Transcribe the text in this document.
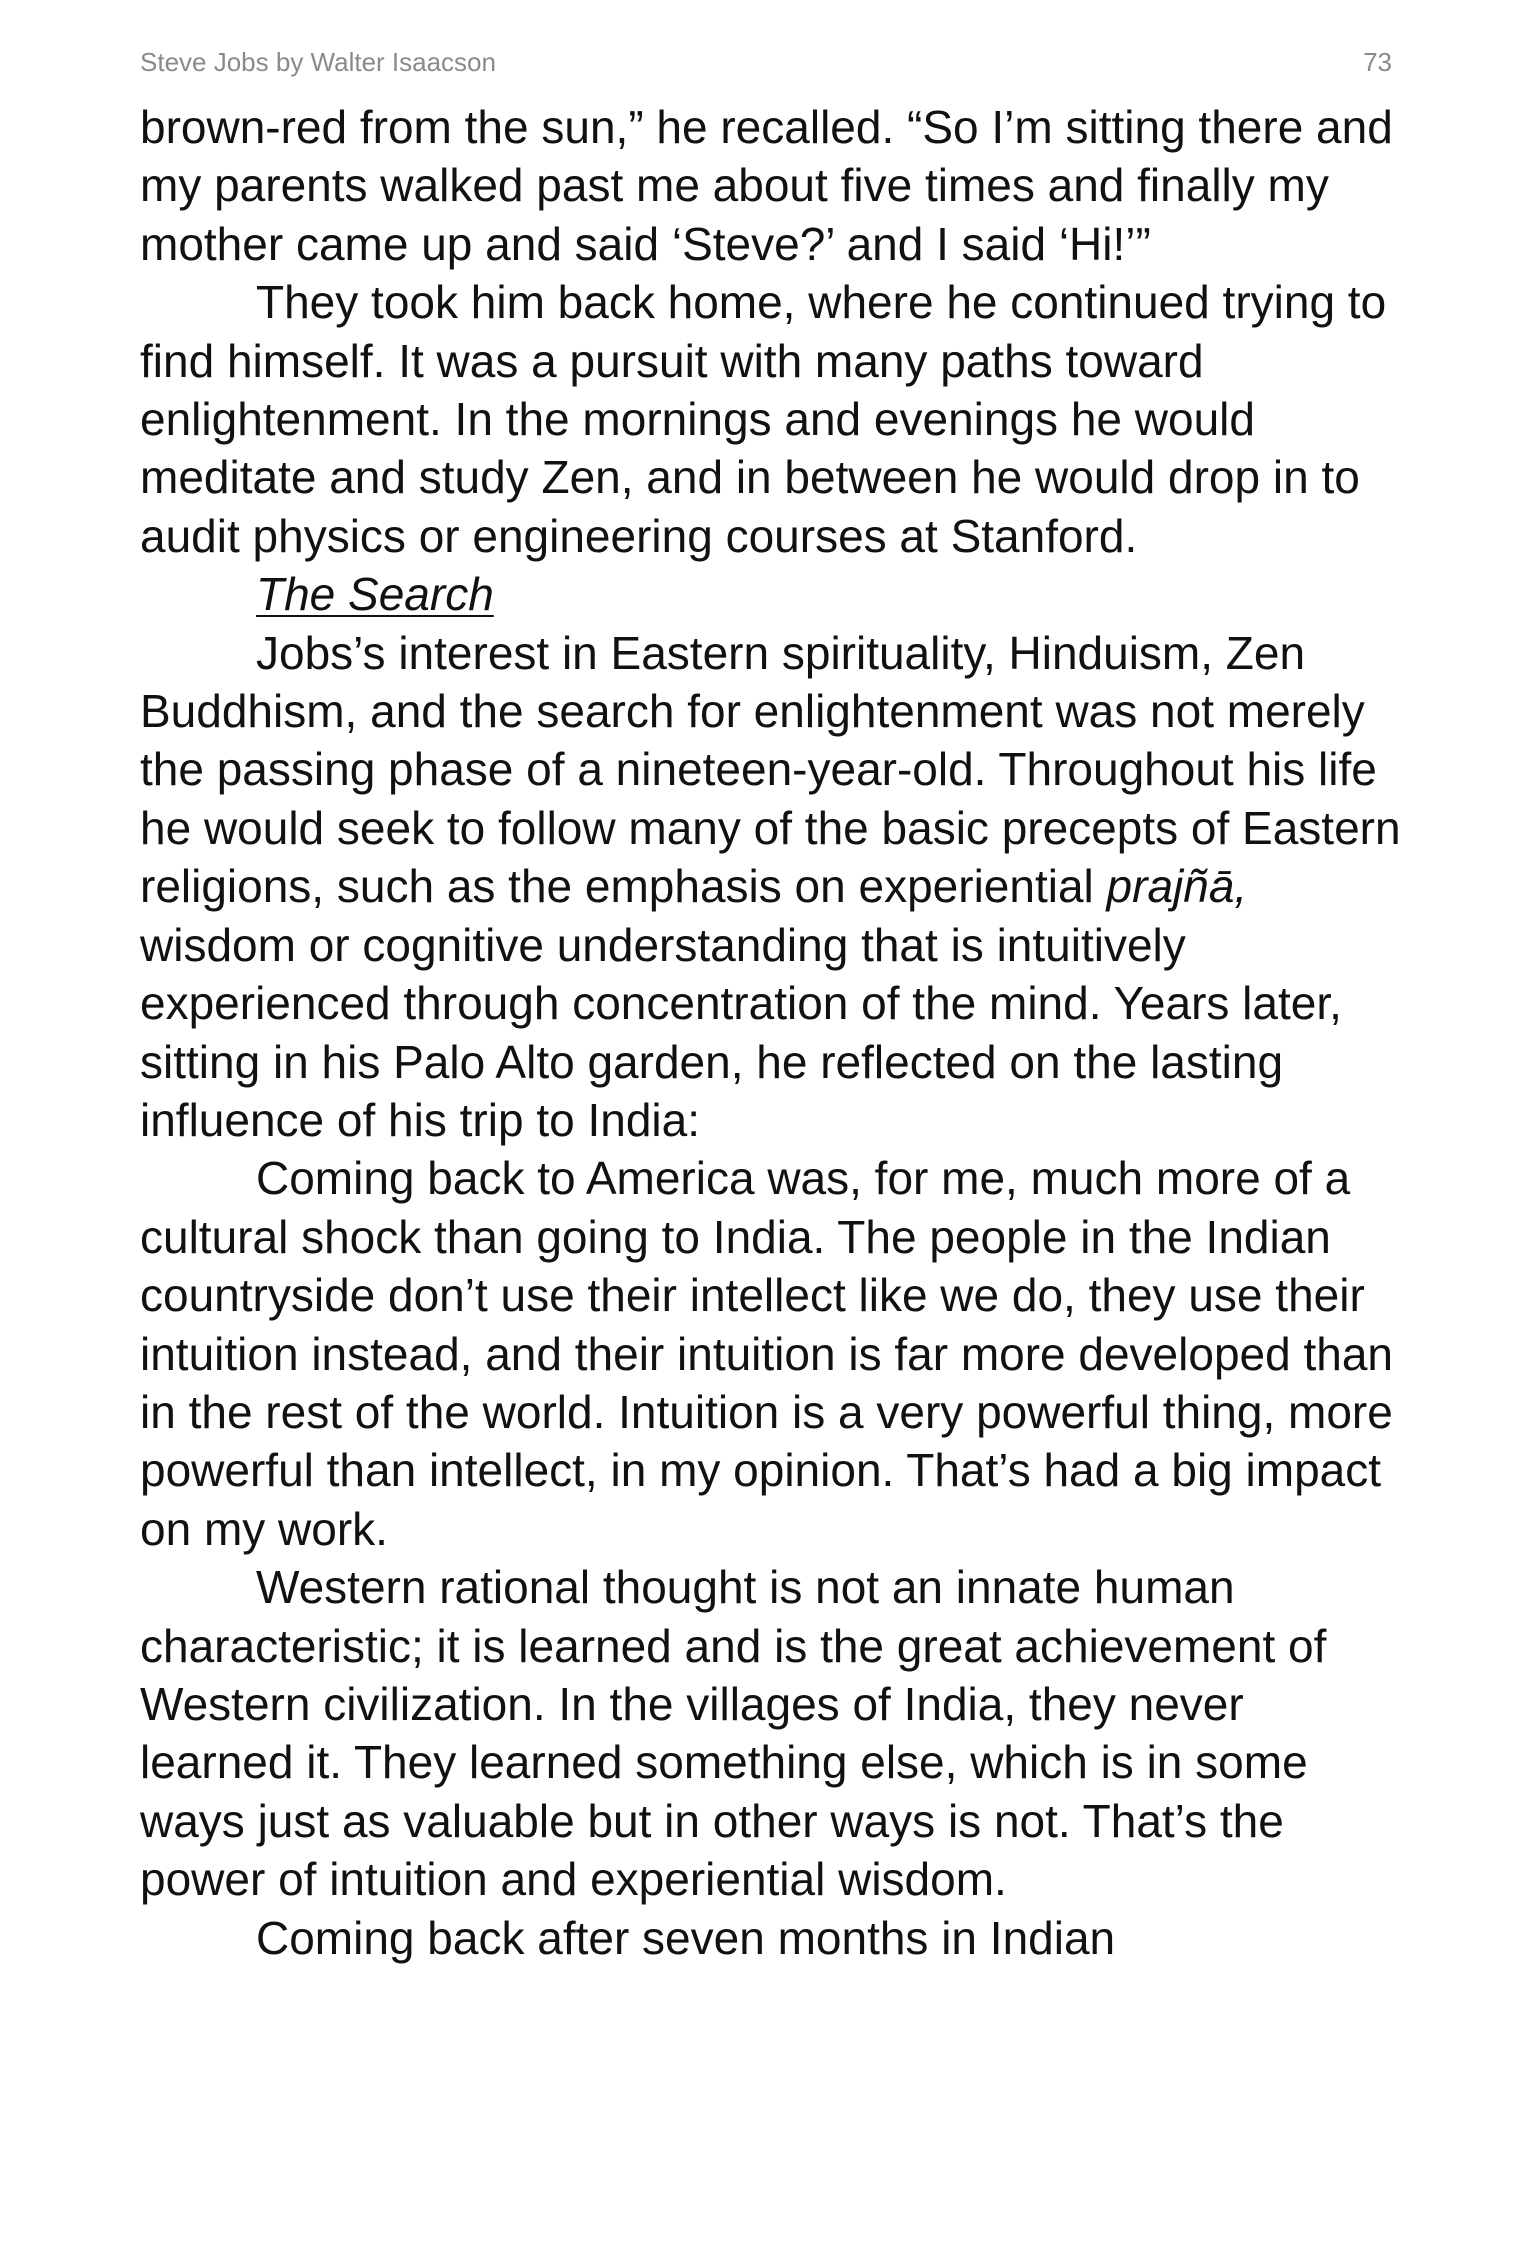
Steve Jobs by Walter Isaacson	73

brown-red from the sun,” he recalled. “So I’m sitting there and my parents walked past me about five times and finally my mother came up and said ‘Steve?’ and I said ‘Hi!’”

They took him back home, where he continued trying to find himself. It was a pursuit with many paths toward enlightenment. In the mornings and evenings he would meditate and study Zen, and in between he would drop in to audit physics or engineering courses at Stanford.

The Search

Jobs’s interest in Eastern spirituality, Hinduism, Zen Buddhism, and the search for enlightenment was not merely the passing phase of a nineteen-year-old. Throughout his life he would seek to follow many of the basic precepts of Eastern religions, such as the emphasis on experiential prajñā, wisdom or cognitive understanding that is intuitively experienced through concentration of the mind. Years later, sitting in his Palo Alto garden, he reflected on the lasting influence of his trip to India:

Coming back to America was, for me, much more of a cultural shock than going to India. The people in the Indian countryside don’t use their intellect like we do, they use their intuition instead, and their intuition is far more developed than in the rest of the world. Intuition is a very powerful thing, more powerful than intellect, in my opinion. That’s had a big impact on my work.

Western rational thought is not an innate human characteristic; it is learned and is the great achievement of Western civilization. In the villages of India, they never learned it. They learned something else, which is in some ways just as valuable but in other ways is not. That’s the power of intuition and experiential wisdom.

Coming back after seven months in Indian
